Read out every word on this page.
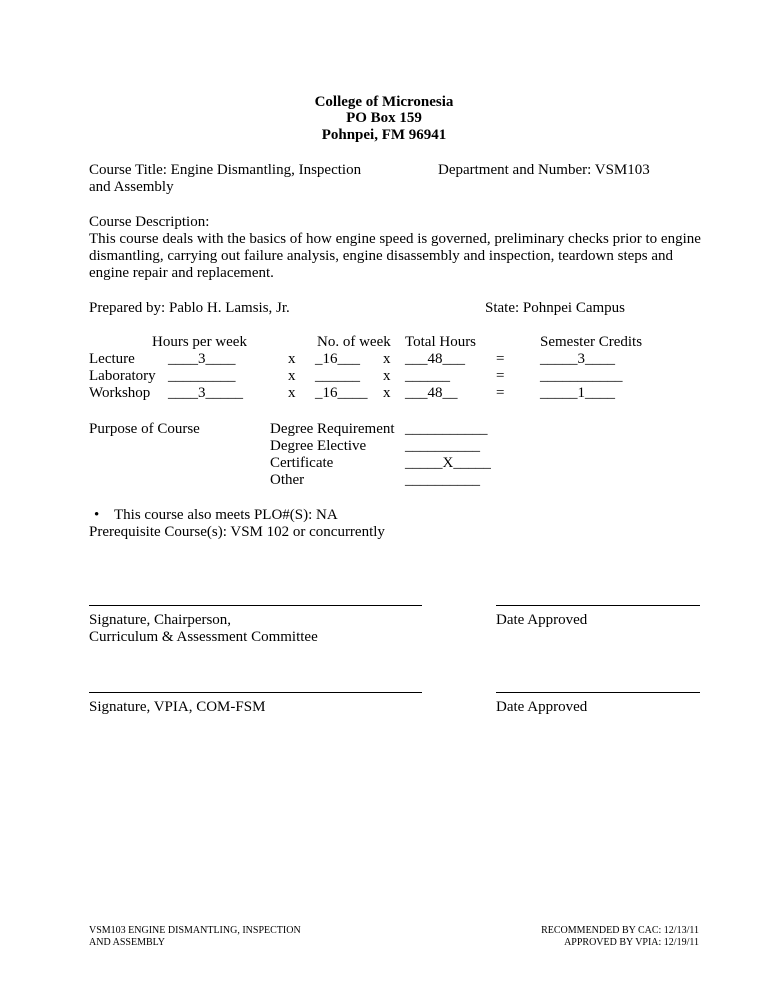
College of Micronesia
PO Box 159
Pohnpei, FM 96941
Course Title: Engine Dismantling, Inspection
and Assembly
Department and Number: VSM103
Course Description:
This course deals with the basics of how engine speed is governed, preliminary checks prior to engine
dismantling, carrying out failure analysis, engine disassembly and inspection, teardown steps and
engine repair and replacement.
Prepared by: Pablo H. Lamsis, Jr.	State: Pohnpei Campus
Hours per week	No. of week Total Hours	Semester Credits
Lecture ____3____	x _16___ x ___48___ = _____3____
Laboratory _________	x ______ x ______	= ___________
Workshop ____3_____	x _16____ x ___48__	= _____1____
Purpose of Course	Degree Requirement ___________
Degree Elective	__________
Certificate	_____X_____
Other	__________
• This course also meets PLO#(S): NA
Prerequisite Course(s): VSM 102 or concurrently
Signature, Chairperson,
Curriculum & Assessment Committee
Date Approved
Signature, VPIA, COM-FSM	Date Approved
VSM103 ENGINE DISMANTLING, INSPECTION
AND ASSEMBLY
RECOMMENDED BY CAC: 12/13/11
APPROVED BY VPIA: 12/19/11
